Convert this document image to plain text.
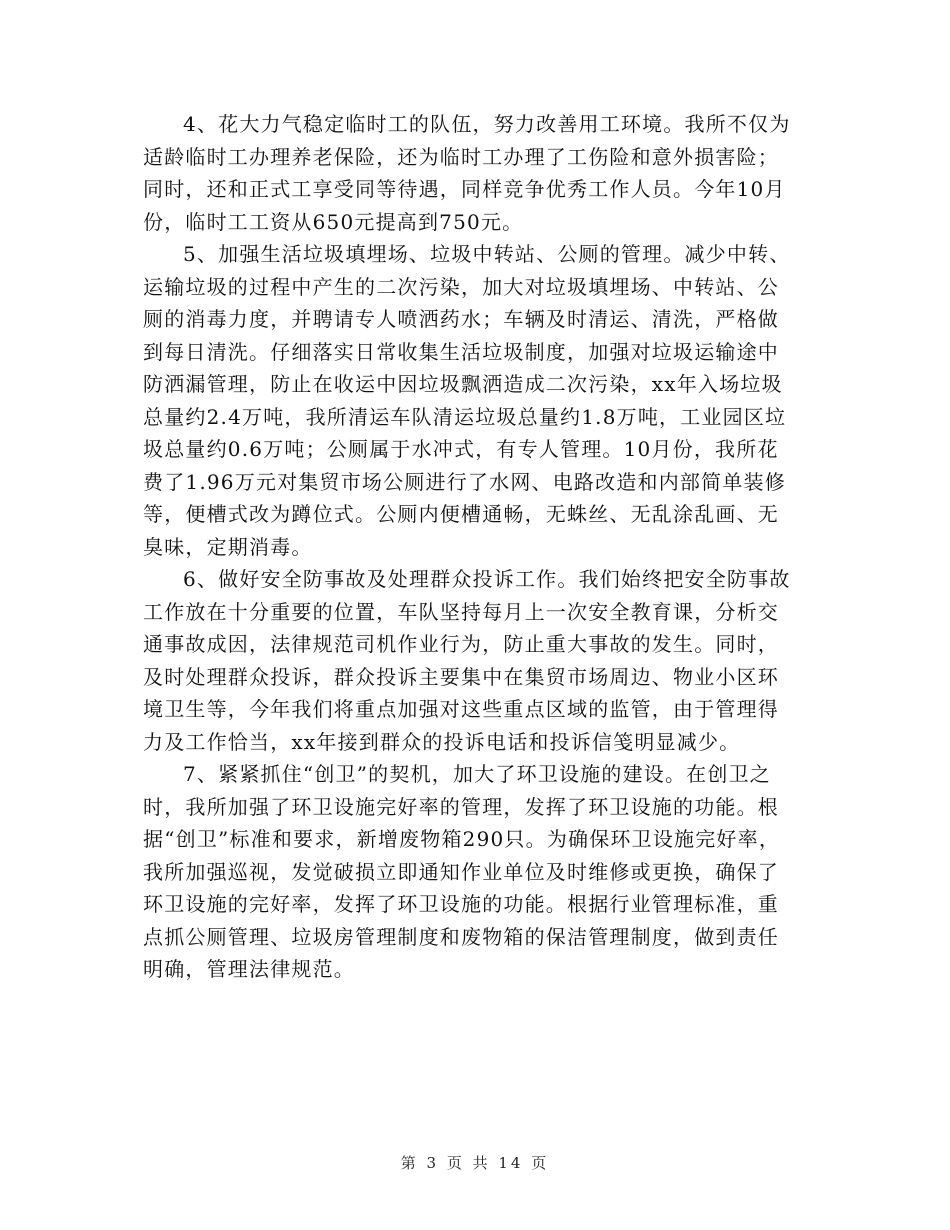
4、花大力气稳定临时工的队伍，努力改善用工环境。我所不仅为
适龄临时工办理养老保险，还为临时工办理了工伤险和意外损害险；
同时，还和正式工享受同等待遇，同样竞争优秀工作人员。今年10月
份，临时工工资从650元提高到750元。

5、加强生活垃圾填埋场、垃圾中转站、公厕的管理。减少中转、
运输垃圾的过程中产生的二次污染，加大对垃圾填埋场、中转站、公
厕的消毒力度，并聘请专人喷洒药水；车辆及时清运、清洗，严格做
到每日清洗。仔细落实日常收集生活垃圾制度，加强对垃圾运输途中
防洒漏管理，防止在收运中因垃圾飘洒造成二次污染，xx年入场垃圾
总量约2.4万吨，我所清运车队清运垃圾总量约1.8万吨，工业园区垃
圾总量约0.6万吨；公厕属于水冲式，有专人管理。10月份，我所花
费了1.96万元对集贸市场公厕进行了水网、电路改造和内部简单装修
等，便槽式改为蹲位式。公厕内便槽通畅，无蛛丝、无乱涂乱画、无
臭味，定期消毒。

6、做好安全防事故及处理群众投诉工作。我们始终把安全防事故
工作放在十分重要的位置，车队坚持每月上一次安全教育课，分析交
通事故成因，法律规范司机作业行为，防止重大事故的发生。同时，
及时处理群众投诉，群众投诉主要集中在集贸市场周边、物业小区环
境卫生等，今年我们将重点加强对这些重点区域的监管，由于管理得
力及工作恰当，xx年接到群众的投诉电话和投诉信笺明显减少。

7、紧紧抓住“创卫”的契机，加大了环卫设施的建设。在创卫之
时，我所加强了环卫设施完好率的管理，发挥了环卫设施的功能。根
据“创卫”标准和要求，新增废物箱290只。为确保环卫设施完好率，
我所加强巡视，发觉破损立即通知作业单位及时维修或更换，确保了
环卫设施的完好率，发挥了环卫设施的功能。根据行业管理标准，重
点抓公厕管理、垃圾房管理制度和废物箱的保洁管理制度，做到责任
明确，管理法律规范。

第 3 页 共 14 页
